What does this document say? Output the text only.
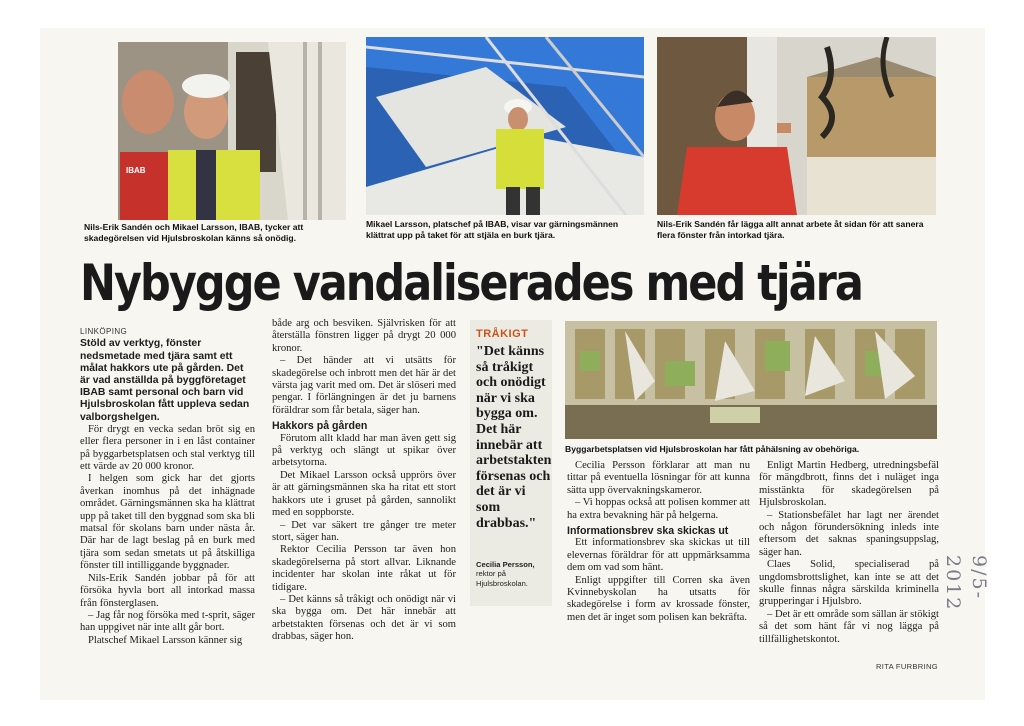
IBAB
Nils-Erik Sandén och Mikael Larsson, IBAB, tycker att skadegörelsen vid Hjulsbroskolan känns så onödig.
Mikael Larsson, platschef på IBAB, visar var gärningsmännen klättrat upp på taket för att stjäla en burk tjära.
Nils-Erik Sandén får lägga allt annat arbete åt sidan för att sanera flera fönster från intorkad tjära.
Nybygge vandaliserades med tjära
LINKÖPING

Stöld av verktyg, fönster nedsmetade med tjära samt ett målat hakkors ute på gården. Det är vad anställda på byggföretaget IBAB samt personal och barn vid Hjulsbroskolan fått uppleva sedan valborgshelgen.

För drygt en vecka sedan bröt sig en eller flera personer in i en låst container på byggarbetsplatsen och stal verktyg till ett värde av 20 000 kronor.

I helgen som gick har det gjorts åverkan inomhus på det inhägnade området. Gärningsmännen ska ha klättrat upp på taket till den byggnad som ska bli matsal för skolans barn under nästa år. Där har de lagt beslag på en burk med tjära som sedan smetats ut på åtskilliga fönster till intilliggande byggnader.

Nils-Erik Sandén jobbar på för att försöka hyvla bort all intorkad massa från fönsterglasen.

– Jag får nog försöka med t-sprit, säger han uppgivet när inte allt går bort.

Platschef Mikael Larsson känner sig

både arg och besviken. Självrisken för att återställa fönstren ligger på drygt 20 000 kronor.

– Det händer att vi utsätts för skadegörelse och inbrott men det här är det värsta jag varit med om. Det är slöseri med pengar. I förlängningen är det ju barnens föräldrar som får betala, säger han.

Hakkors på gården

Förutom allt kladd har man även gett sig på verktyg och slängt ut spikar över arbetsytorna.

Det Mikael Larsson också upprörs över är att gärningsmännen ska ha ritat ett stort hakkors ute i gruset på gården, sannolikt med en soppborste.

– Det var säkert tre gånger tre meter stort, säger han.

Rektor Cecilia Persson tar även hon skadegörelserna på stort allvar. Liknande incidenter har skolan inte råkat ut för tidigare.

– Det känns så tråkigt och onödigt när vi ska bygga om. Det här innebär att arbetstakten försenas och det är vi som drabbas, säger hon.

TRÅKIGT
"Det känns så tråkigt och onödigt när vi ska bygga om. Det här innebär att arbetstakten försenas och det är vi som drabbas."
Cecilia Persson,
rektor på Hjulsbroskolan.
Byggarbetsplatsen vid Hjulsbroskolan har fått påhälsning av obehöriga.

Cecilia Persson förklarar att man nu tittar på eventuella lösningar för att kunna sätta upp övervakningskameror.

– Vi hoppas också att polisen kommer att ha extra bevakning här på helgerna.

Informationsbrev ska skickas ut

Ett informationsbrev ska skickas ut till elevernas föräldrar för att uppmärksamma dem om vad som hänt.

Enligt uppgifter till Corren ska även Kvinnebyskolan ha utsatts för skadegörelse i form av krossade fönster, men det är inget som polisen kan bekräfta.

Enligt Martin Hedberg, utredningsbefäl för mängdbrott, finns det i nuläget inga misstänkta för skadegörelsen på Hjulsbroskolan.

– Stationsbefälet har lagt ner ärendet och någon förundersökning inleds inte eftersom det saknas spaningsuppslag, säger han.

Claes Solid, specialiserad på ungdomsbrottslighet, kan inte se att det skulle finnas några särskilda kriminella grupperingar i Hjulsbro.

– Det är ett område som sällan är stökigt så det som hänt får vi nog lägga på tillfällighetskontot.

RITA FURBRING
9/5-2012
